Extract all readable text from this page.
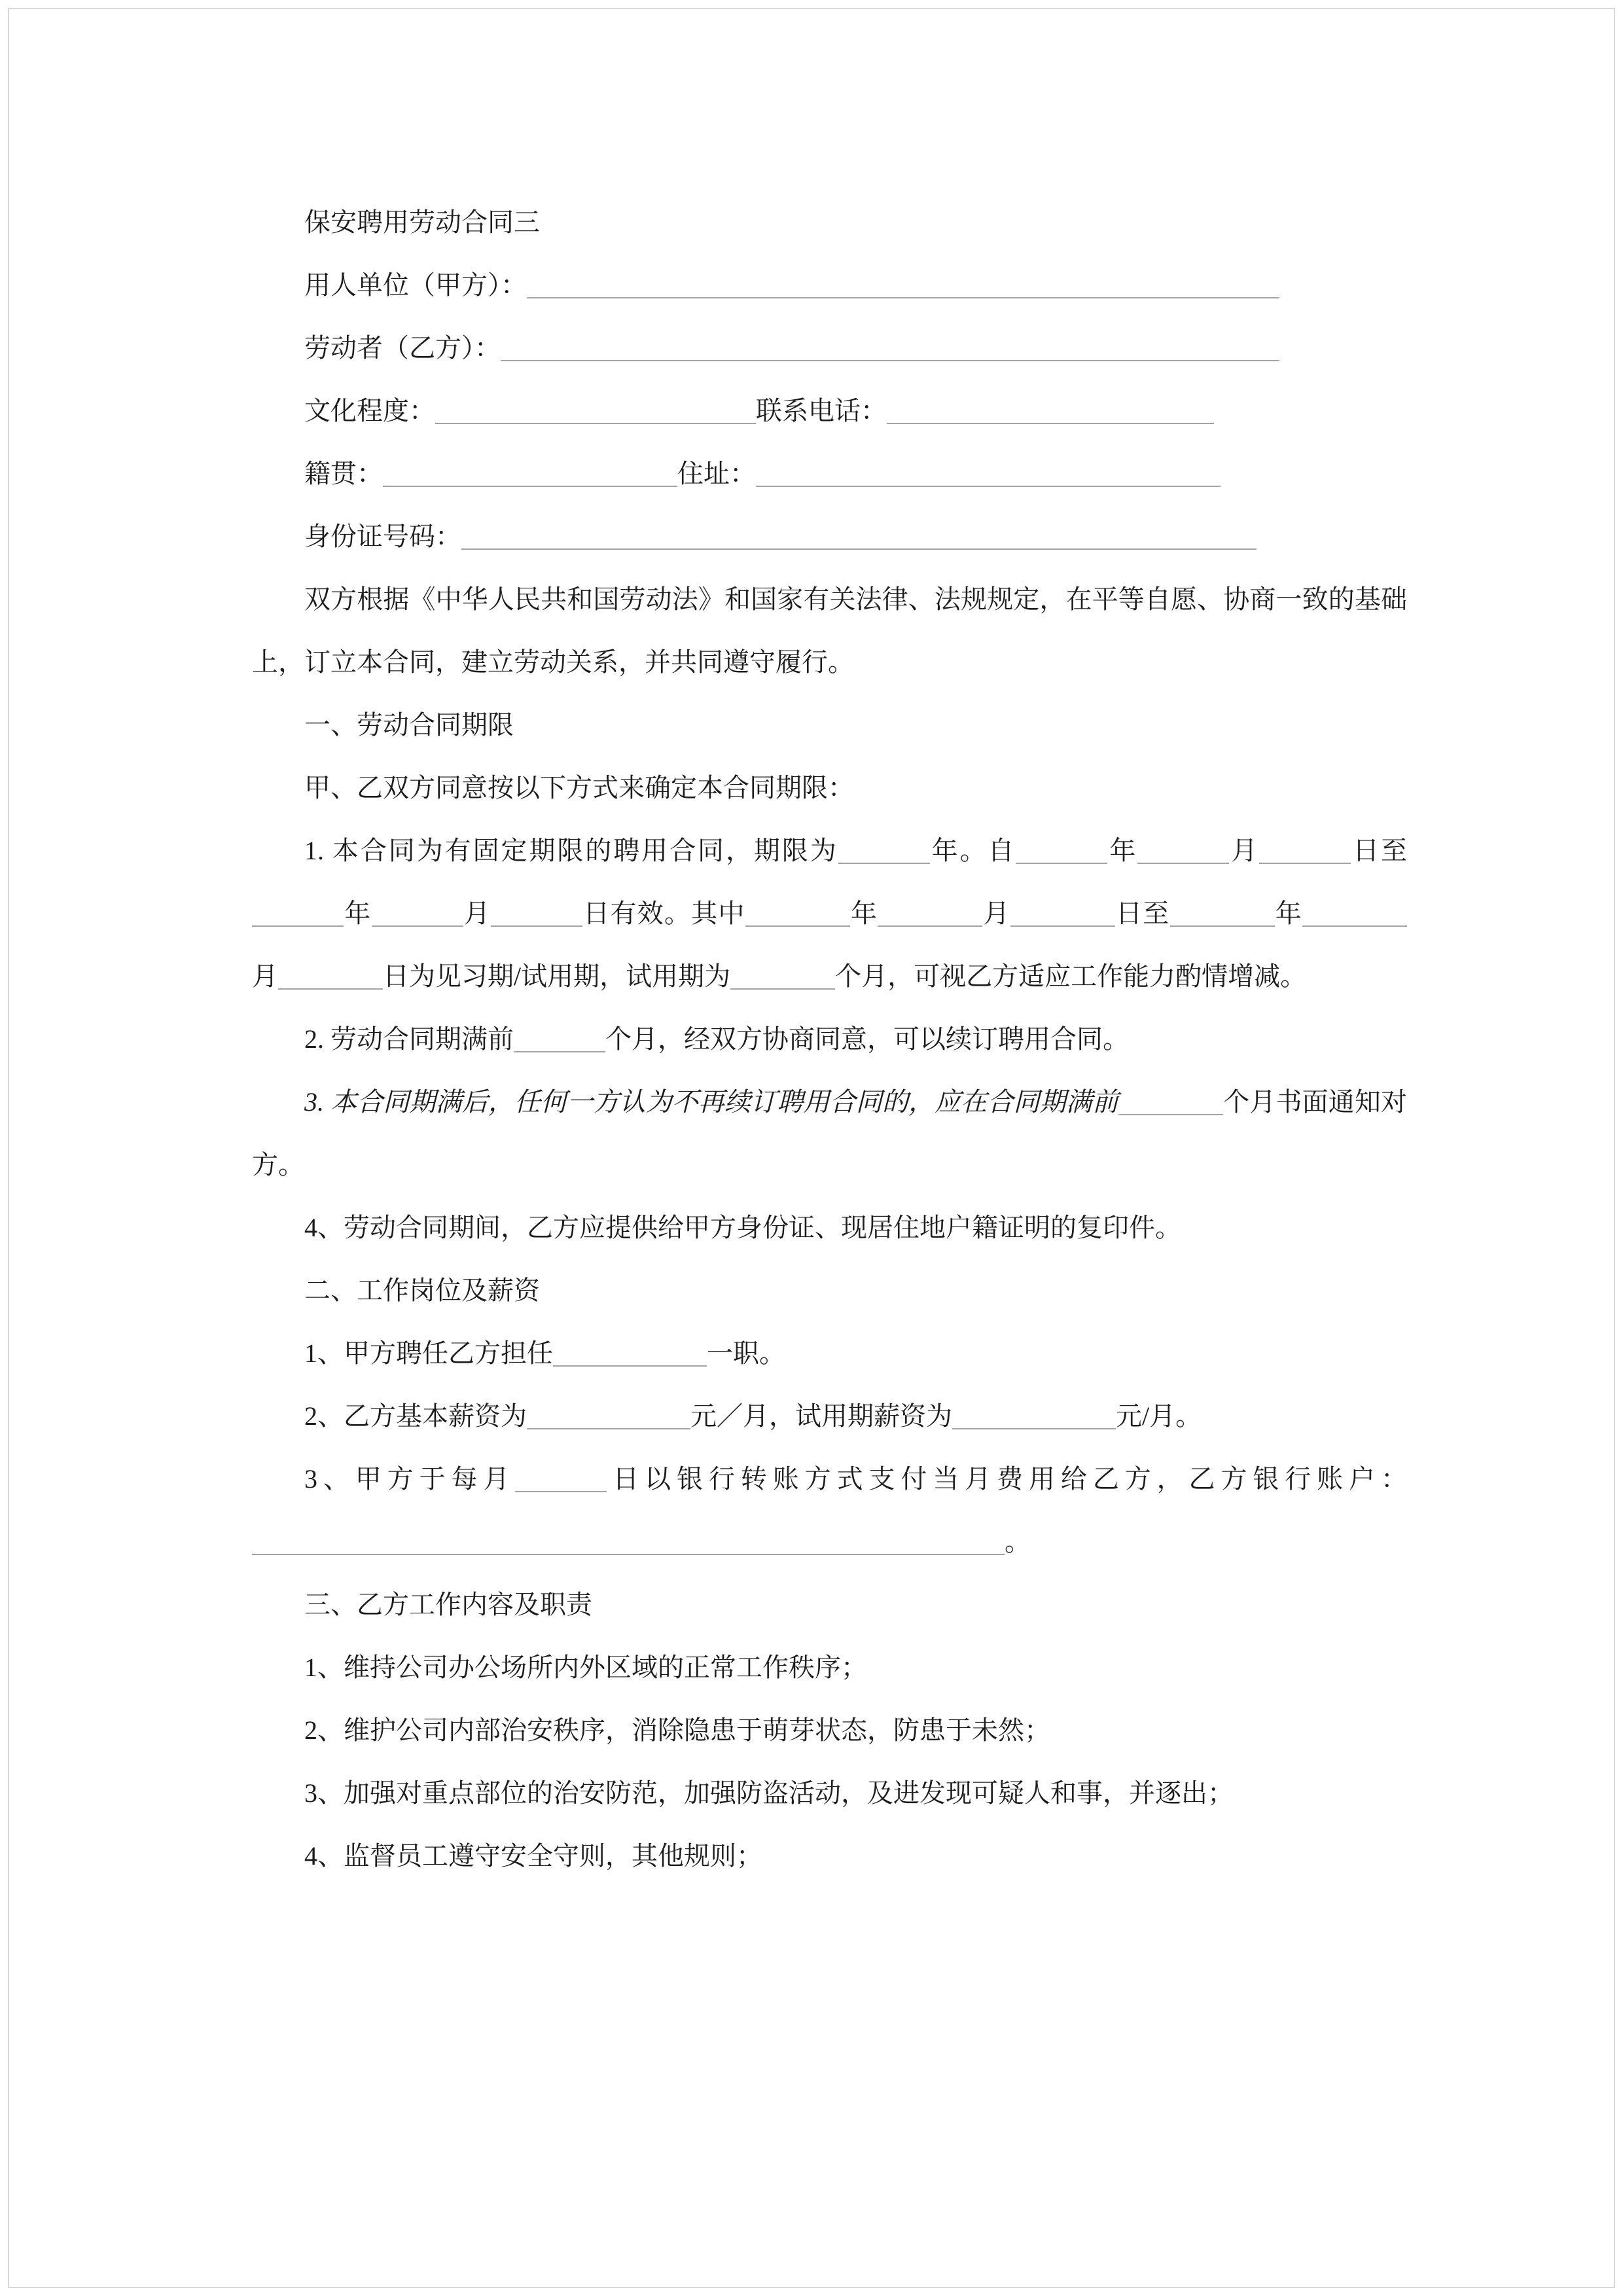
保安聘用劳动合同三

用人单位（甲方）：

劳动者（乙方）：

文化程度：	联系电话：

籍贯：	住址：

身份证号码：

双方根据《中华人民共和国劳动法》和国家有关法律、法规规定，在平等自愿、协商一致的基础上，订立本合同，建立劳动关系，并共同遵守履行。

一、劳动合同期限

甲、乙双方同意按以下方式来确定本合同期限：

1. 本合同为有固定期限的聘用合同，期限为	年。自	年	月	日至年	月	日有效。其中	年	月	日至	年月	日为见习期/试用期，试用期为	个月，可视乙方适应工作能力酌情增减。

2. 劳动合同期满前	个月，经双方协商同意，可以续订聘用合同。

3. 本合同期满后，任何一方认为不再续订聘用合同的，应在合同期满前	个月书面通知对方。

4、劳动合同期间，乙方应提供给甲方身份证、现居住地户籍证明的复印件。

二、工作岗位及薪资

1、甲方聘任乙方担任	一职。

2、乙方基本薪资为	元／月，试用期薪资为	元/月。

3、甲方于每月	日以银行转账方式支付当月费用给乙方，乙方银行账户：。

三、乙方工作内容及职责

1、维持公司办公场所内外区域的正常工作秩序；

2、维护公司内部治安秩序，消除隐患于萌芽状态，防患于未然；

3、加强对重点部位的治安防范，加强防盗活动，及进发现可疑人和事，并逐出；

4、监督员工遵守安全守则，其他规则；
